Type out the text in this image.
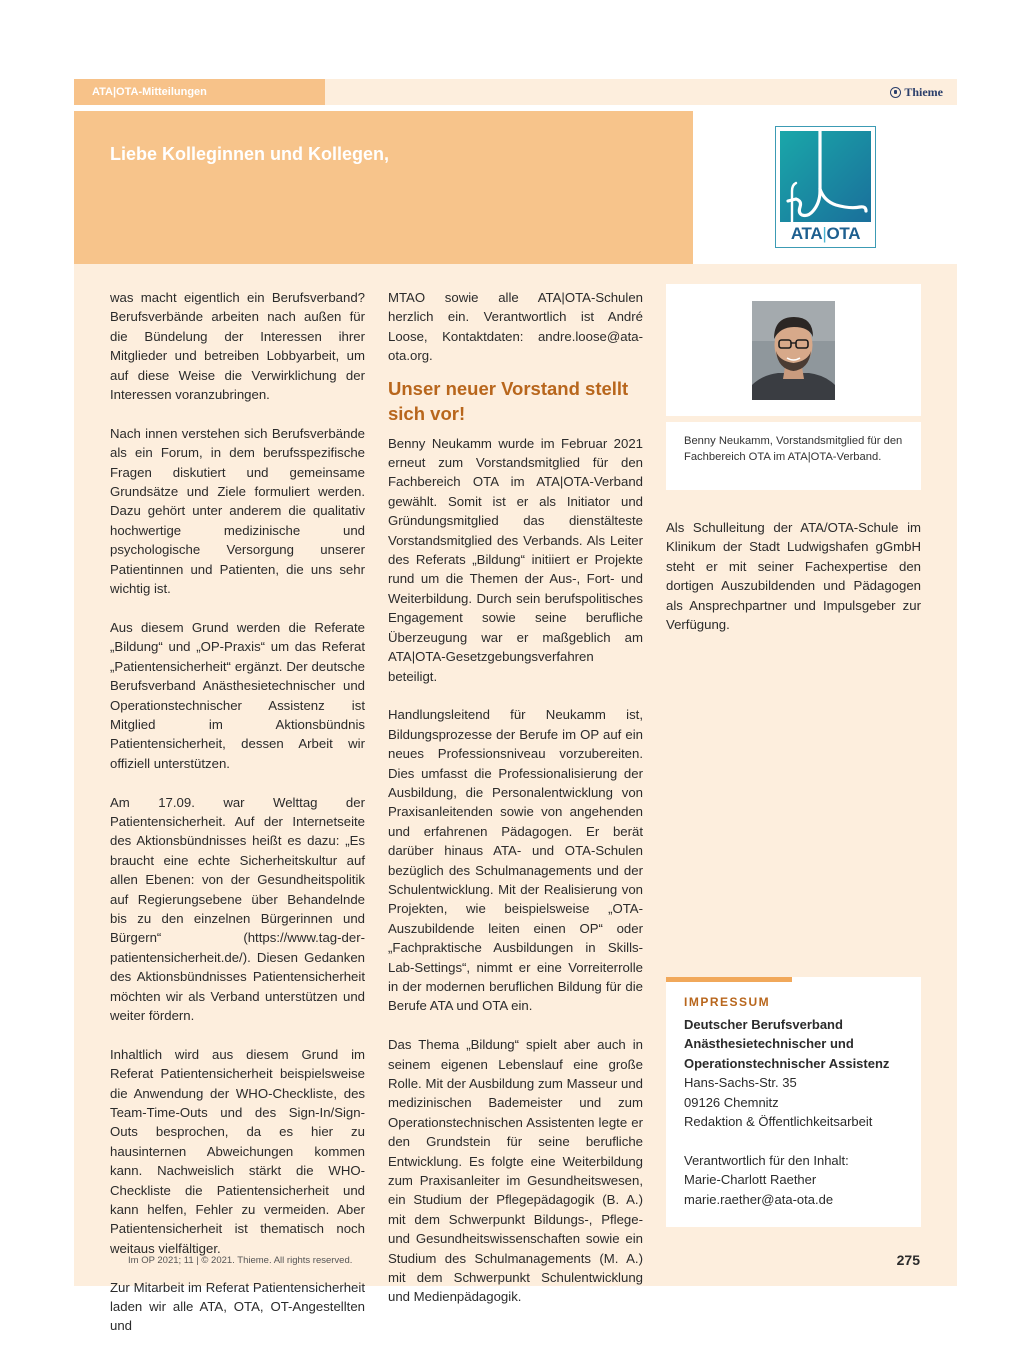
ATA|OTA-Mitteilungen	Thieme
Liebe Kolleginnen und Kollegen,
ATA|OTA

was macht eigentlich ein Berufsverband? Berufsverbände arbeiten nach außen für die Bündelung der Interessen ihrer Mitglieder und betreiben Lobbyarbeit, um auf diese Weise die Verwirklichung der Interessen voranzubringen.

Nach innen verstehen sich Berufsverbände als ein Forum, in dem berufsspezifische Fragen diskutiert und gemeinsame Grundsätze und Ziele formuliert werden. Dazu gehört unter anderem die qualitativ hochwertige medizinische und psychologische Versorgung unserer Patientinnen und Patienten, die uns sehr wichtig ist.

Aus diesem Grund werden die Referate „Bildung“ und „OP-Praxis“ um das Referat „Patientensicherheit“ ergänzt. Der deutsche Berufsverband Anästhesietechnischer und Operationstechnischer Assistenz ist Mitglied im Aktionsbündnis Patientensicherheit, dessen Arbeit wir offiziell unterstützen.

Am 17.09. war Welttag der Patientensicherheit. Auf der Internetseite des Aktionsbündnisses heißt es dazu: „Es braucht eine echte Sicherheitskultur auf allen Ebenen: von der Gesundheitspolitik auf Regierungsebene über Behandelnde bis zu den einzelnen Bürgerinnen und Bürgern“ (https://www.tag-der-patientensicherheit.de/). Diesen Gedanken des Aktionsbündnisses Patientensicherheit möchten wir als Verband unterstützen und weiter fördern.

Inhaltlich wird aus diesem Grund im Referat Patientensicherheit beispielsweise die Anwendung der WHO-Checkliste, des Team-Time-Outs und des Sign-In/Sign-Outs besprochen, da es hier zu hausinternen Abweichungen kommen kann. Nachweislich stärkt die WHO-Checkliste die Patientensicherheit und kann helfen, Fehler zu vermeiden. Aber Patientensicherheit ist thematisch noch weitaus vielfältiger.

Zur Mitarbeit im Referat Patientensicherheit laden wir alle ATA, OTA, OT-Angestellten und

MTAO sowie alle ATA|OTA-Schulen herzlich ein. Verantwortlich ist André Loose, Kontaktdaten: andre.loose@ata-ota.org.

Unser neuer Vorstand stellt sich vor!

Benny Neukamm wurde im Februar 2021 erneut zum Vorstandsmitglied für den Fachbereich OTA im ATA|OTA-Verband gewählt. Somit ist er als Initiator und Gründungsmitglied das dienstälteste Vorstandsmitglied des Verbands. Als Leiter des Referats „Bildung“ initiiert er Projekte rund um die Themen der Aus-, Fort- und Weiterbildung. Durch sein berufspolitisches Engagement sowie seine berufliche Überzeugung war er maßgeblich am ATA|OTA-Gesetzgebungsverfahren beteiligt.

Handlungsleitend für Neukamm ist, Bildungsprozesse der Berufe im OP auf ein neues Professionsniveau vorzubereiten. Dies umfasst die Professionalisierung der Ausbildung, die Personalentwicklung von Praxisanleitenden sowie von angehenden und erfahrenen Pädagogen. Er berät darüber hinaus ATA- und OTA-Schulen bezüglich des Schulmanagements und der Schulentwicklung. Mit der Realisierung von Projekten, wie beispielsweise „OTA-Auszubildende leiten einen OP“ oder „Fachpraktische Ausbildungen in Skills-Lab-Settings“, nimmt er eine Vorreiterrolle in der modernen beruflichen Bildung für die Berufe ATA und OTA ein.

Das Thema „Bildung“ spielt aber auch in seinem eigenen Lebenslauf eine große Rolle. Mit der Ausbildung zum Masseur und medizinischen Bademeister und zum Operationstechnischen Assistenten legte er den Grundstein für seine berufliche Entwicklung. Es folgte eine Weiterbildung zum Praxisanleiter im Gesundheitswesen, ein Studium der Pflegepädagogik (B. A.) mit dem Schwerpunkt Bildungs-, Pflege- und Gesundheitswissenschaften sowie ein Studium des Schulmanagements (M. A.) mit dem Schwerpunkt Schulentwicklung und Medienpädagogik.

Benny Neukamm, Vorstandsmitglied für den Fachbereich OTA im ATA|OTA-Verband.

Als Schulleitung der ATA/OTA-Schule im Klinikum der Stadt Ludwigshafen gGmbH steht er mit seiner Fachexpertise den dortigen Auszubildenden und Pädagogen als Ansprechpartner und Impulsgeber zur Verfügung.

IMPRESSUM
Deutscher Berufsverband
Anästhesietechnischer und
Operationstechnischer Assistenz
Hans-Sachs-Str. 35
09126 Chemnitz
Redaktion & Öffentlichkeitsarbeit
Verantwortlich für den Inhalt:
Marie-Charlott Raether
marie.raether@ata-ota.de
Im OP 2021; 11 | © 2021. Thieme. All rights reserved.	275
